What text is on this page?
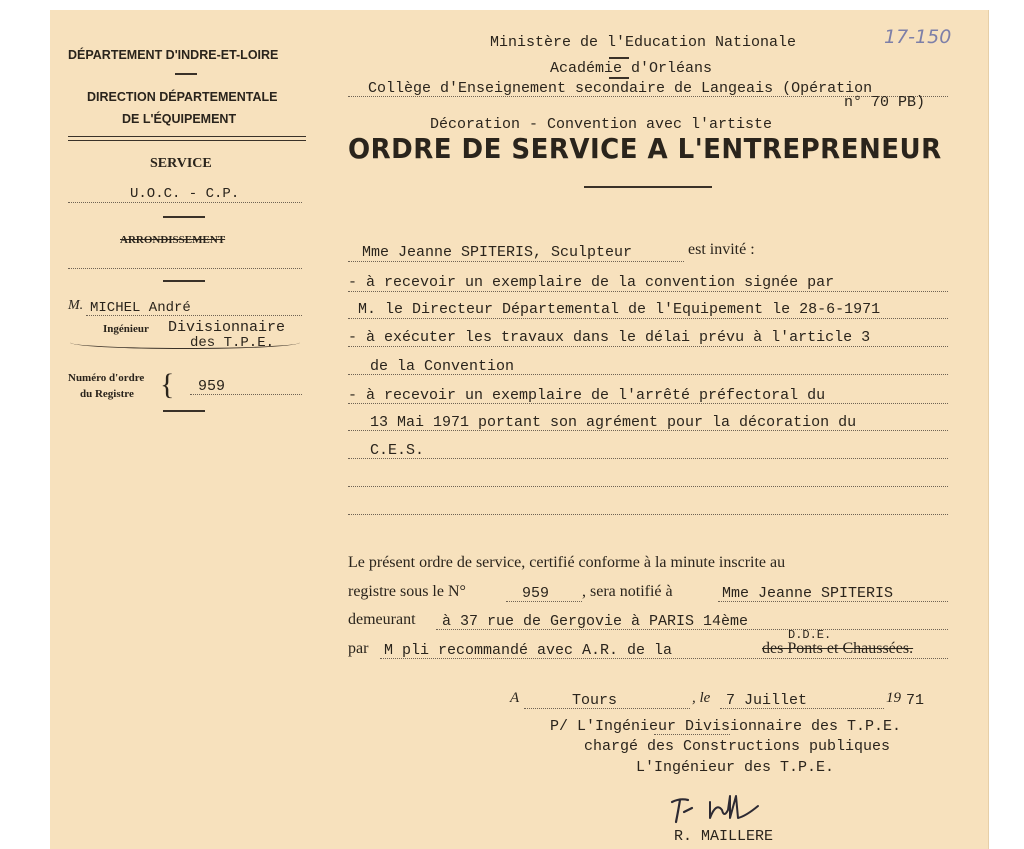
DÉPARTEMENT D'INDRE-ET-LOIRE
DIRECTION DÉPARTEMENTALE
DE L'ÉQUIPEMENT
SERVICE
U.O.C. - C.P.
ARRONDISSEMENT
M. MICHEL André
Ingénieur Divisionnaire
des T.P.E.
Numéro d'ordre
du Registre { 959
17-150
Ministère de l'Education Nationale
Académie d'Orléans
Collège d'Enseignement secondaire de Langeais (Opération
n° 70 PB)
Décoration - Convention avec l'artiste
ORDRE DE SERVICE A L'ENTREPRENEUR
Mme Jeanne SPITERIS, Sculpteur	est invité :
- à recevoir un exemplaire de la convention signée par
M. le Directeur Départemental de l'Equipement le 28-6-1971
- à exécuter les travaux dans le délai prévu à l'article 3
de la Convention
- à recevoir un exemplaire de l'arrêté préfectoral du
13 Mai 1971 portant son agrément pour la décoration du
C.E.S.
Le présent ordre de service, certifié conforme à la minute inscrite au
registre sous le N°	959 , sera notifié à	Mme Jeanne SPITERIS
demeurant à 37 rue de Gergovie à PARIS 14ème
par M pli recommandé avec A.R. de la
D.D.E.
des Ponts et Chaussées.
A	Tours	, le 7 Juillet	19 71
P/ L'Ingénieur Divisionnaire des T.P.E.
chargé des Constructions publiques
L'Ingénieur des T.P.E.
R. MAILLERE
